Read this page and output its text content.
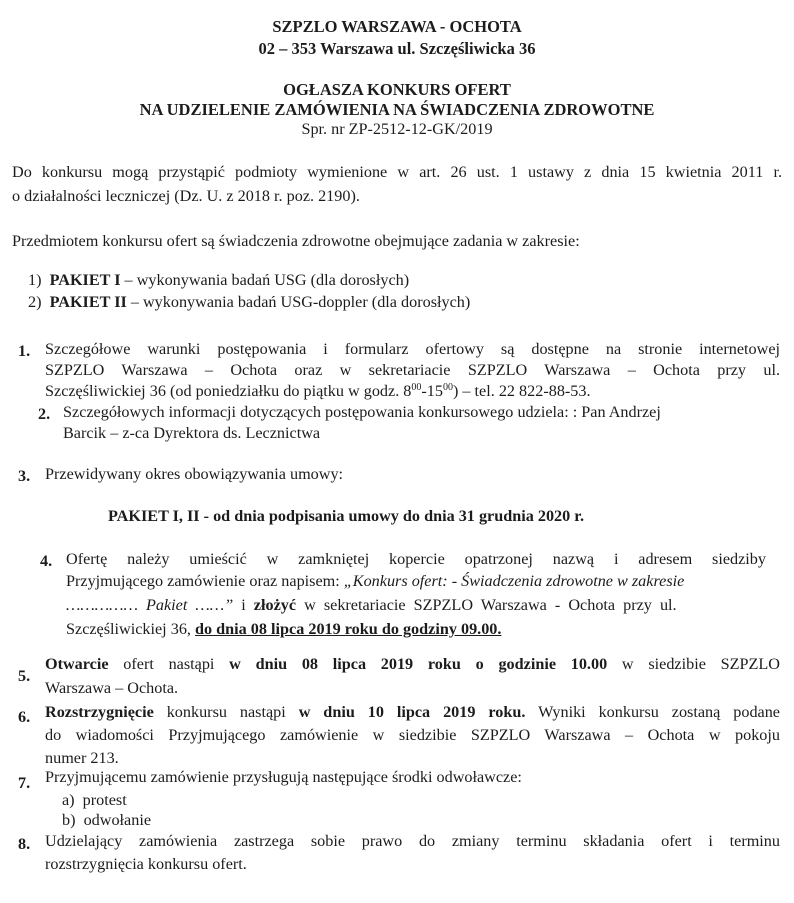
SZPZLO WARSZAWA - OCHOTA
02 – 353 Warszawa ul. Szczęśliwicka 36
OGŁASZA KONKURS OFERT
NA UDZIELENIE ZAMÓWIENIA NA ŚWIADCZENIA ZDROWOTNE
Spr. nr ZP-2512-12-GK/2019
Do konkursu mogą przystąpić podmioty wymienione w art. 26 ust. 1 ustawy z dnia 15 kwietnia 2011 r.
o działalności leczniczej (Dz. U. z 2018 r. poz. 2190).
Przedmiotem konkursu ofert są świadczenia zdrowotne obejmujące zadania w zakresie:
1) PAKIET I – wykonywania badań USG (dla dorosłych)
2) PAKIET II – wykonywania badań USG-doppler (dla dorosłych)
1. Szczegółowe warunki postępowania i formularz ofertowy są dostępne na stronie internetowej
SZPZLO Warszawa – Ochota oraz w sekretariacie SZPZLO Warszawa – Ochota przy ul.
Szczęśliwickiej 36 (od poniedziałku do piątku w godz. $8^{00}-15^{00}$) – tel. 22 822-88-53.
2. Szczegółowych informacji dotyczących postępowania konkursowego udziela: : Pan Andrzej
Barcik – z-ca Dyrektora ds. Lecznictwa
3. Przewidywany okres obowiązywania umowy:
PAKIET I, II - od dnia podpisania umowy do dnia 31 grudnia 2020 r.
4. Ofertę należy umieścić w zamkniętej kopercie opatrzonej nazwą i adresem siedziby
Przyjmującego zamówienie oraz napisem: „Konkurs ofert: - Świadczenia zdrowotne w zakresie
…………… Pakiet ……” i złożyć w sekretariacie SZPZLO Warszawa - Ochota przy ul.
Szczęśliwickiej 36, do dnia 08 lipca 2019 roku do godziny 09.00.
5.
Otwarcie ofert nastąpi w dniu 08 lipca 2019 roku o godzinie 10.00 w siedzibie SZPZLO
Warszawa – Ochota.
6. Rozstrzygnięcie konkursu nastąpi w dniu 10 lipca 2019 roku. Wyniki konkursu zostaną podane
do wiadomości Przyjmującego zamówienie w siedzibie SZPZLO Warszawa – Ochota w pokoju
numer 213.
7. Przyjmującemu zamówienie przysługują następujące środki odwoławcze:
a) protest
b) odwołanie
8. Udzielający zamówienia zastrzega sobie prawo do zmiany terminu składania ofert i terminu
rozstrzygnięcia konkursu ofert.
